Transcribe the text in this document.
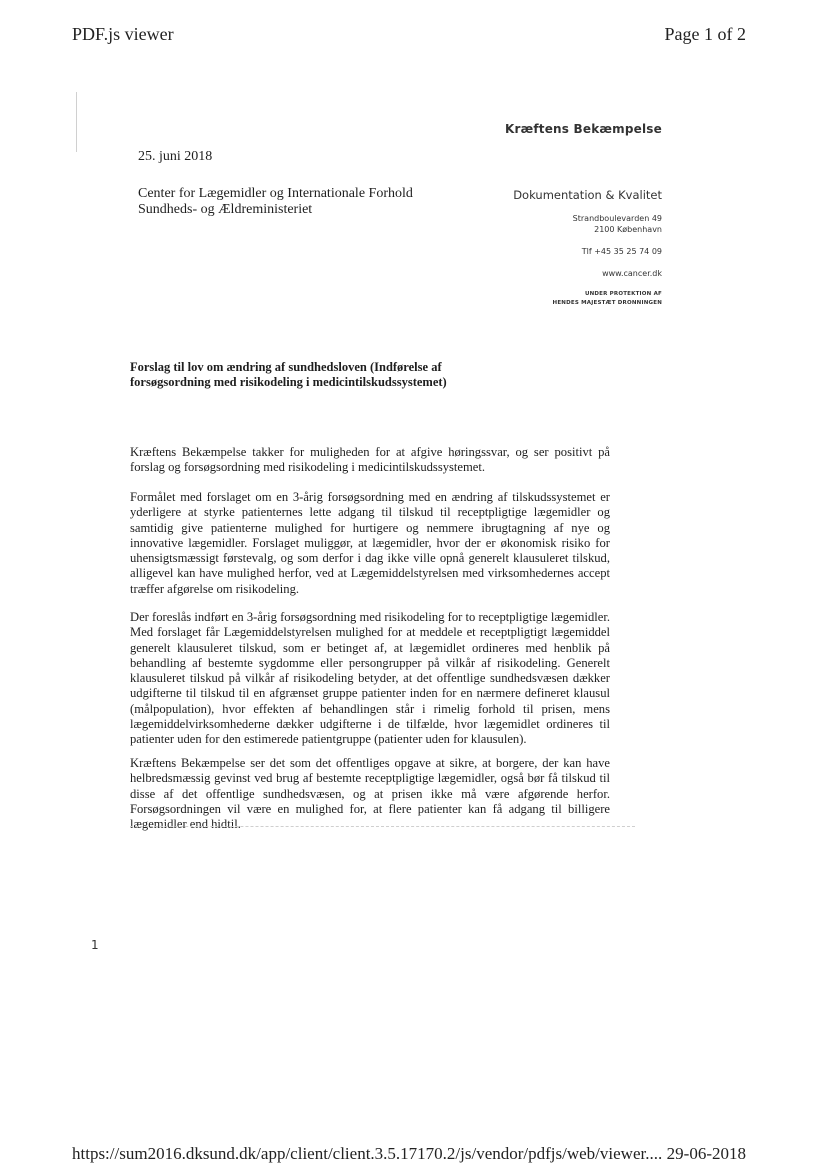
PDF.js viewer	Page 1 of 2
Kræftens Bekæmpelse
25. juni 2018
Center for Lægemidler og Internationale Forhold
Sundheds- og Ældreministeriet
Dokumentation & Kvalitet
Strandboulevarden 49
2100 København
Tlf +45 35 25 74 09
www.cancer.dk
UNDER PROTEKTION AF
HENDES MAJESTÆT DRONNINGEN
Forslag til lov om ændring af sundhedsloven (Indførelse af forsøgsordning med risikodeling i medicintilskudssystemet)
Kræftens Bekæmpelse takker for muligheden for at afgive høringssvar, og ser positivt på forslag og forsøgsordning med risikodeling i medicintilskudssystemet.
Formålet med forslaget om en 3-årig forsøgsordning med en ændring af tilskudssystemet er yderligere at styrke patienternes lette adgang til tilskud til receptpligtige lægemidler og samtidig give patienterne mulighed for hurtigere og nemmere ibrugtagning af nye og innovative lægemidler. Forslaget muliggør, at lægemidler, hvor der er økonomisk risiko for uhensigtsmæssigt førstevalg, og som derfor i dag ikke ville opnå generelt klausuleret tilskud, alligevel kan have mulighed herfor, ved at Lægemiddelstyrelsen med virksomhedernes accept træffer afgørelse om risikodeling.
Der foreslås indført en 3-årig forsøgsordning med risikodeling for to receptpligtige lægemidler. Med forslaget får Lægemiddelstyrelsen mulighed for at meddele et receptpligtigt lægemiddel generelt klausuleret tilskud, som er betinget af, at lægemidlet ordineres med henblik på behandling af bestemte sygdomme eller persongrupper på vilkår af risikodeling. Generelt klausuleret tilskud på vilkår af risikodeling betyder, at det offentlige sundhedsvæsen dækker udgifterne til tilskud til en afgrænset gruppe patienter inden for en nærmere defineret klausul (målpopulation), hvor effekten af behandlingen står i rimelig forhold til prisen, mens lægemiddelvirksomhederne dækker udgifterne i de tilfælde, hvor lægemidlet ordineres til patienter uden for den estimerede patientgruppe (patienter uden for klausulen).
Kræftens Bekæmpelse ser det som det offentliges opgave at sikre, at borgere, der kan have helbredsmæssig gevinst ved brug af bestemte receptpligtige lægemidler, også bør få tilskud til disse af det offentlige sundhedsvæsen, og at prisen ikke må være afgørende herfor. Forsøgsordningen vil være en mulighed for, at flere patienter kan få adgang til billigere lægemidler end hidtil.
1
https://sum2016.dksund.dk/app/client/client.3.5.17170.2/js/vendor/pdfjs/web/viewer.... 29-06-2018
